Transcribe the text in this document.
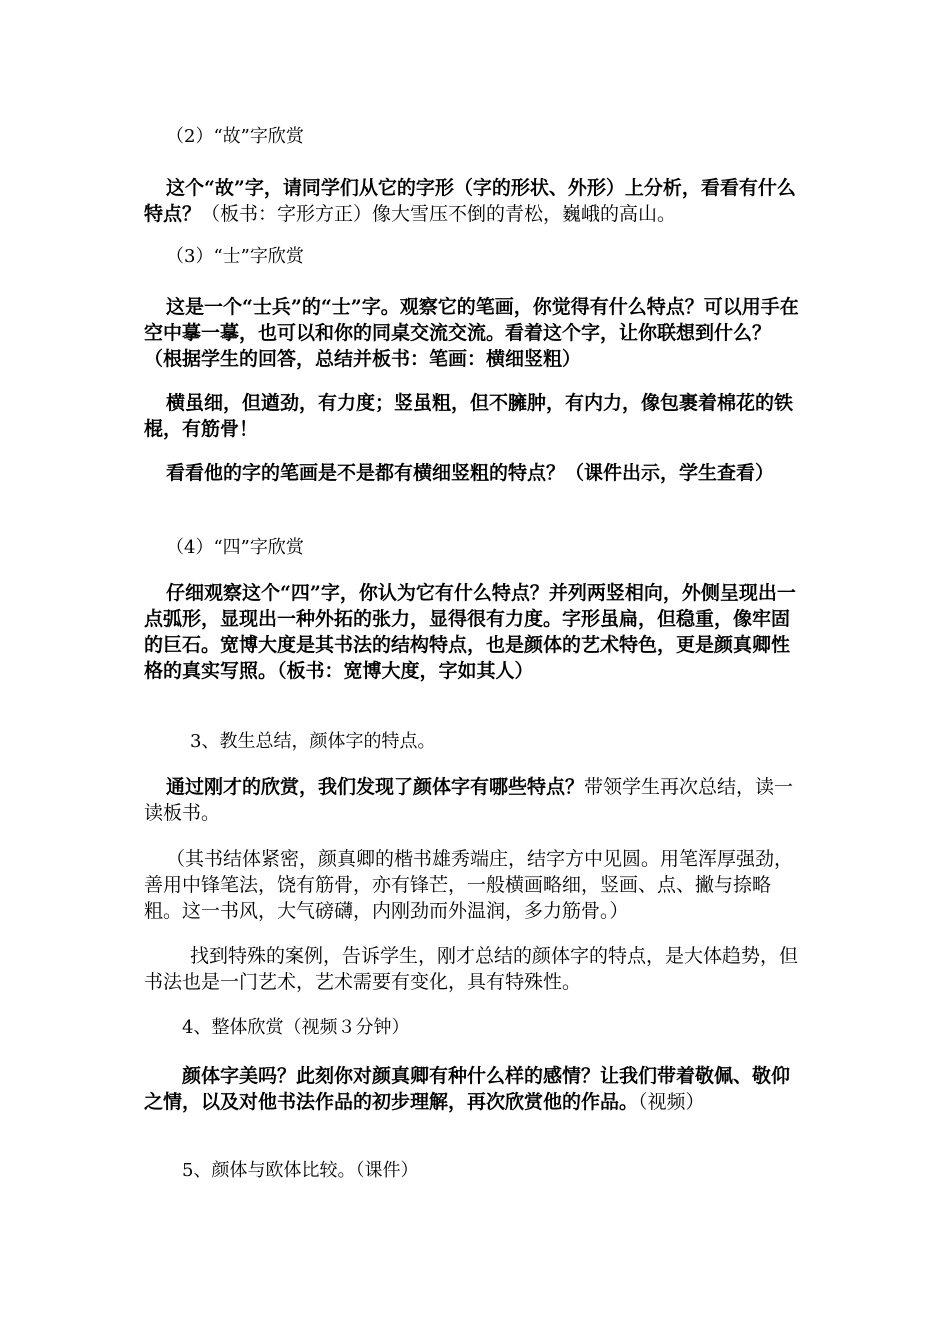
（2）“故”字欣赏

这个“故”字，请同学们从它的字形（字的形状、外形）上分析，看看有什么特点？（板书：字形方正）像大雪压不倒的青松，巍峨的高山。

（3）“士”字欣赏

这是一个“士兵”的“士”字。观察它的笔画，你觉得有什么特点？可以用手在空中摹一摹，也可以和你的同桌交流交流。看着这个字，让你联想到什么？（根据学生的回答，总结并板书：笔画：横细竖粗）

横虽细，但遒劲，有力度；竖虽粗，但不臃肿，有内力，像包裹着棉花的铁棍，有筋骨！

看看他的字的笔画是不是都有横细竖粗的特点？（课件出示，学生查看）

（4）“四”字欣赏

仔细观察这个“四”字，你认为它有什么特点？并列两竖相向，外侧呈现出一点弧形，显现出一种外拓的张力，显得很有力度。字形虽扁，但稳重，像牢固的巨石。宽博大度是其书法的结构特点，也是颜体的艺术特色，更是颜真卿性格的真实写照。（板书：宽博大度，字如其人）

3、教生总结，颜体字的特点。

通过刚才的欣赏，我们发现了颜体字有哪些特点？带领学生再次总结，读一读板书。

（其书结体紧密，颜真卿的楷书雄秀端庄，结字方中见圆。用笔浑厚强劲，善用中锋笔法，饶有筋骨，亦有锋芒，一般横画略细，竖画、点、撇与捺略粗。这一书风，大气磅礴，内刚劲而外温润，多力筋骨。）

找到特殊的案例，告诉学生，刚才总结的颜体字的特点，是大体趋势，但书法也是一门艺术，艺术需要有变化，具有特殊性。

4、整体欣赏（视频３分钟）

颜体字美吗？此刻你对颜真卿有种什么样的感情？让我们带着敬佩、敬仰之情，以及对他书法作品的初步理解，再次欣赏他的作品。（视频）

5、颜体与欧体比较。（课件）
